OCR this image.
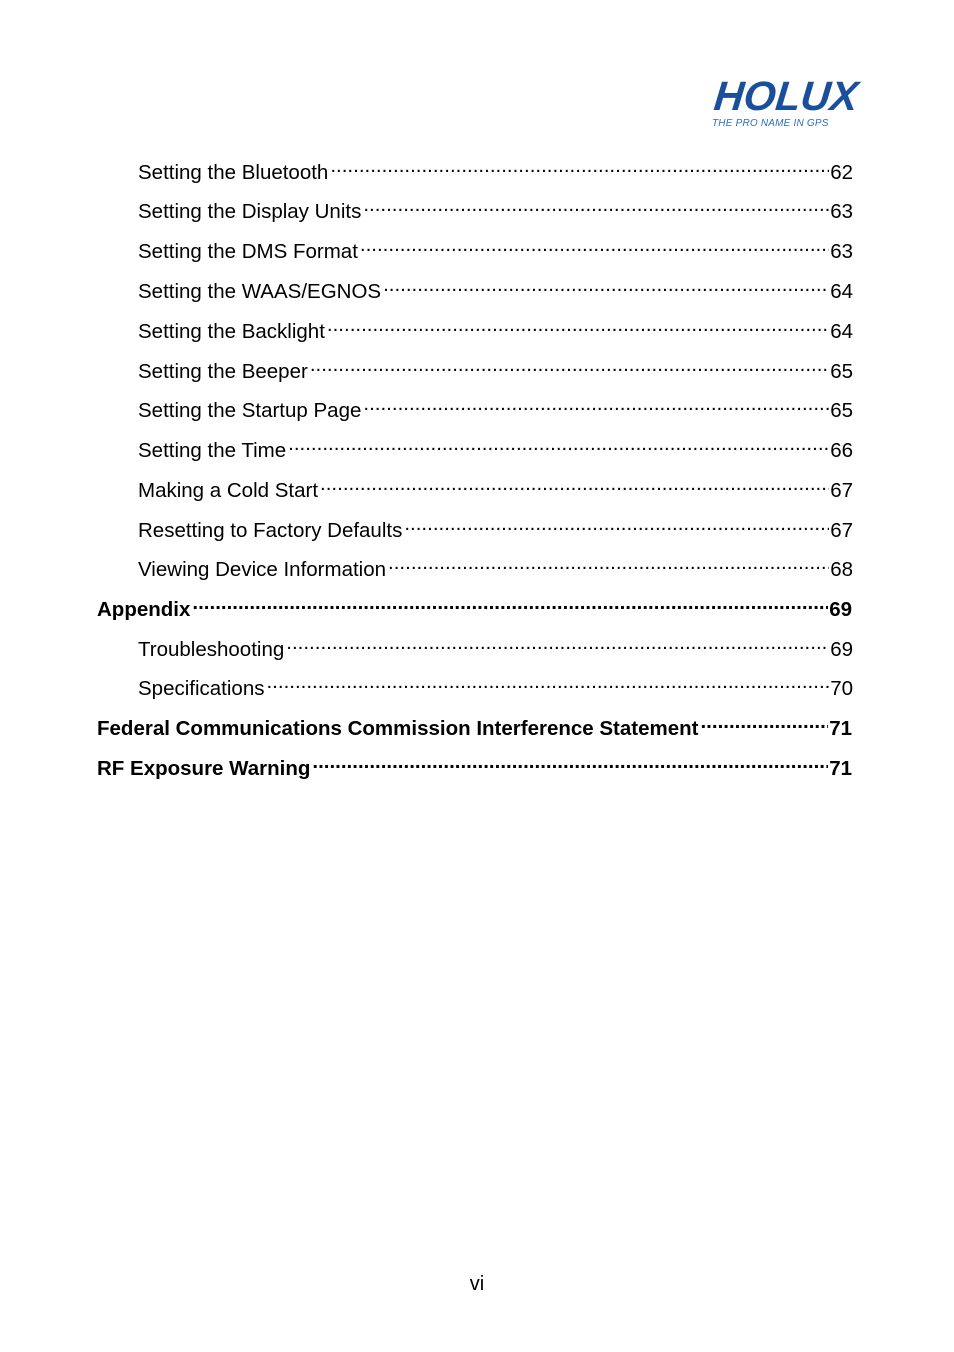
HOLUX
THE PRO NAME IN GPS
Setting the Bluetooth .....	62
Setting the Display Units .....	63
Setting the DMS Format .....	63
Setting the WAAS/EGNOS .....	64
Setting the Backlight .....	64
Setting the Beeper .....	65
Setting the Startup Page .....	65
Setting the Time .....	66
Making a Cold Start .....	67
Resetting to Factory Defaults .....	67
Viewing Device Information .....	68
Appendix .....	69
Troubleshooting .....	69
Specifications .....	70
Federal Communications Commission Interference Statement .....	71
RF Exposure Warning .....	71
vi
